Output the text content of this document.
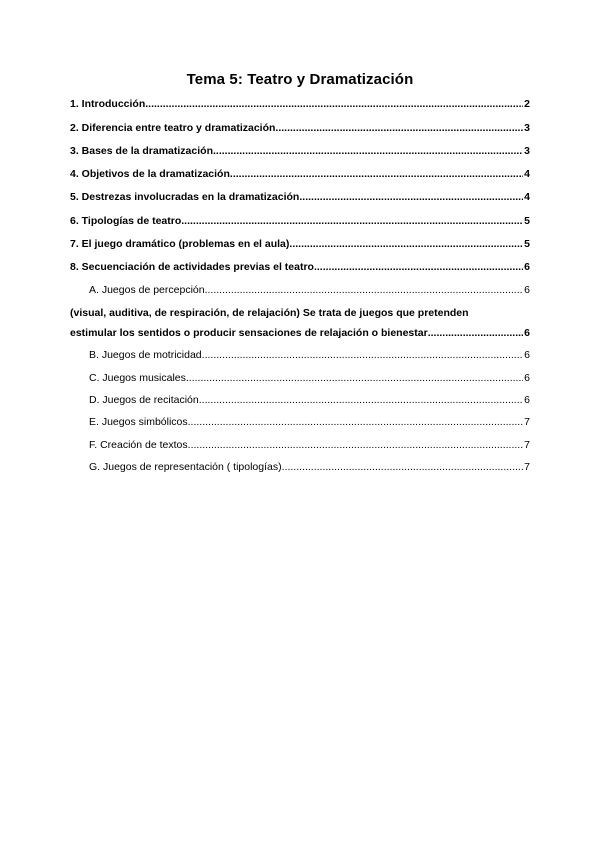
Tema 5: Teatro y Dramatización
1. Introducción .....	2
2. Diferencia entre teatro y dramatización .....	3
3. Bases de la dramatización .....	3
4. Objetivos de la dramatización. .....	4
5. Destrezas involucradas en la dramatización .....	4
6. Tipologías de teatro. .....	5
7. El juego dramático (problemas en el aula) .....	5
8. Secuenciación de actividades previas el teatro. .....	6
A. Juegos de percepción .....	6
(visual, auditiva, de respiración, de relajación) Se trata de juegos que pretenden
estimular los sentidos o producir sensaciones de relajación o bienestar .....	6
B. Juegos de motricidad .....	6
C. Juegos musicales. .....	6
D. Juegos de recitación .....	6
E. Juegos simbólicos. .....	7
F. Creación de textos. .....	7
G. Juegos de representación ( tipologías) .....	7
